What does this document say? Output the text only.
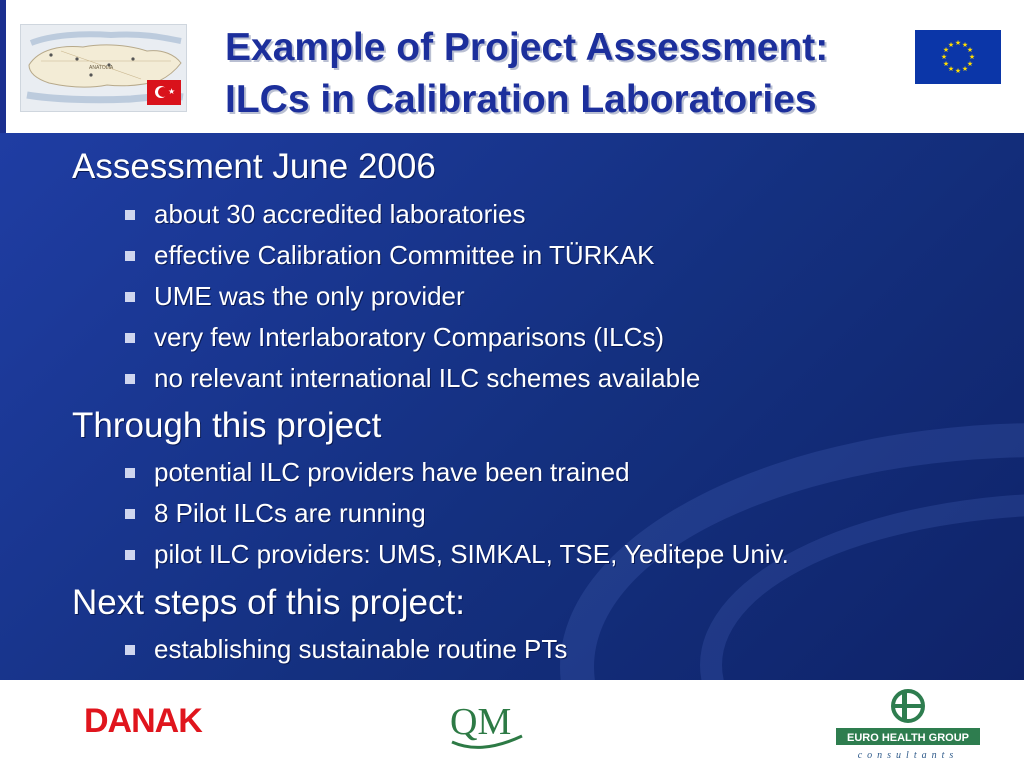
ANATOLIA
★
Example of Project Assessment:
ILCs in Calibration Laboratories
★ ★
★
★
★
★
★
★
★
★
★
★
Assessment June 2006
about 30 accredited laboratories
effective Calibration Committee in TÜRKAK
UME was the only provider
very few Interlaboratory Comparisons (ILCs)
no relevant international ILC schemes available
Through this project
potential ILC providers have been trained
8 Pilot ILCs are running
pilot ILC providers: UMS, SIMKAL, TSE, Yeditepe Univ.
Next steps of this project:
establishing sustainable routine PTs
DANAK	QM	EURO HEALTH GROUP
consultants
